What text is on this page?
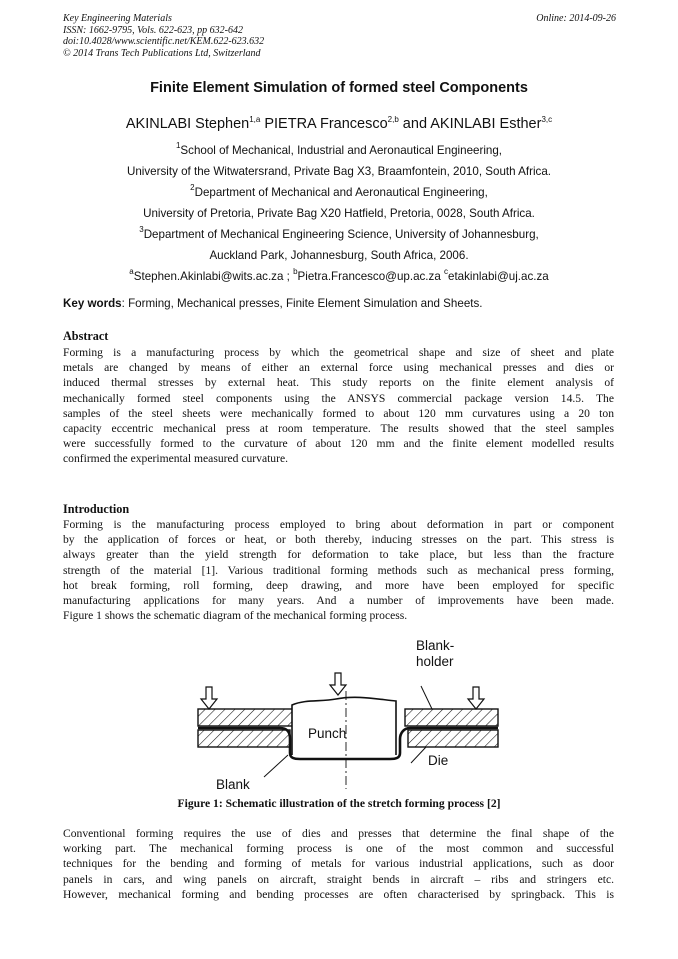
Key Engineering Materials
ISSN: 1662-9795, Vols. 622-623, pp 632-642
doi:10.4028/www.scientific.net/KEM.622-623.632
© 2014 Trans Tech Publications Ltd, Switzerland
Online: 2014-09-26
Finite Element Simulation of formed steel Components
AKINLABI Stephen$^{1,a}$ PIETRA Francesco$^{2,b}$ and AKINLABI Esther$^{3,c}$
$^1$School of Mechanical, Industrial and Aeronautical Engineering,
University of the Witwatersrand, Private Bag X3, Braamfontein, 2010, South Africa.
$^2$Department of Mechanical and Aeronautical Engineering,
University of Pretoria, Private Bag X20 Hatfield, Pretoria, 0028, South Africa.
$^3$Department of Mechanical Engineering Science, University of Johannesburg,
Auckland Park, Johannesburg, South Africa, 2006.
$^a$Stephen.Akinlabi@wits.ac.za ; $^b$Pietra.Francesco@up.ac.za $^c$etakinlabi@uj.ac.za
Key words: Forming, Mechanical presses, Finite Element Simulation and Sheets.
Abstract
Forming is a manufacturing process by which the geometrical shape and size of sheet and plate
metals are changed by means of either an external force using mechanical presses and dies or
induced thermal stresses by external heat. This study reports on the finite element analysis of
mechanically formed steel components using the ANSYS commercial package version 14.5. The
samples of the steel sheets were mechanically formed to about 120 mm curvatures using a 20 ton
capacity eccentric mechanical press at room temperature. The results showed that the steel samples
were successfully formed to the curvature of about 120 mm and the finite element modelled results
confirmed the experimental measured curvature.
Introduction
Forming is the manufacturing process employed to bring about deformation in part or component
by the application of forces or heat, or both thereby, inducing stresses on the part. This stress is
always greater than the yield strength for deformation to take place, but less than the fracture
strength of the material [1]. Various traditional forming methods such as mechanical press forming,
hot break forming, roll forming, deep drawing, and more have been employed for specific
manufacturing applications for many years. And a number of improvements have been made.
Figure 1 shows the schematic diagram of the mechanical forming process.
Blank-
holder
Punch
Die
Blank
Figure 1: Schematic illustration of the stretch forming process [2]
Conventional forming requires the use of dies and presses that determine the final shape of the
working part. The mechanical forming process is one of the most common and successful
techniques for the bending and forming of metals for various industrial applications, such as door
panels in cars, and wing panels on aircraft, straight bends in aircraft – ribs and stringers etc.
However, mechanical forming and bending processes are often characterised by springback. This is
